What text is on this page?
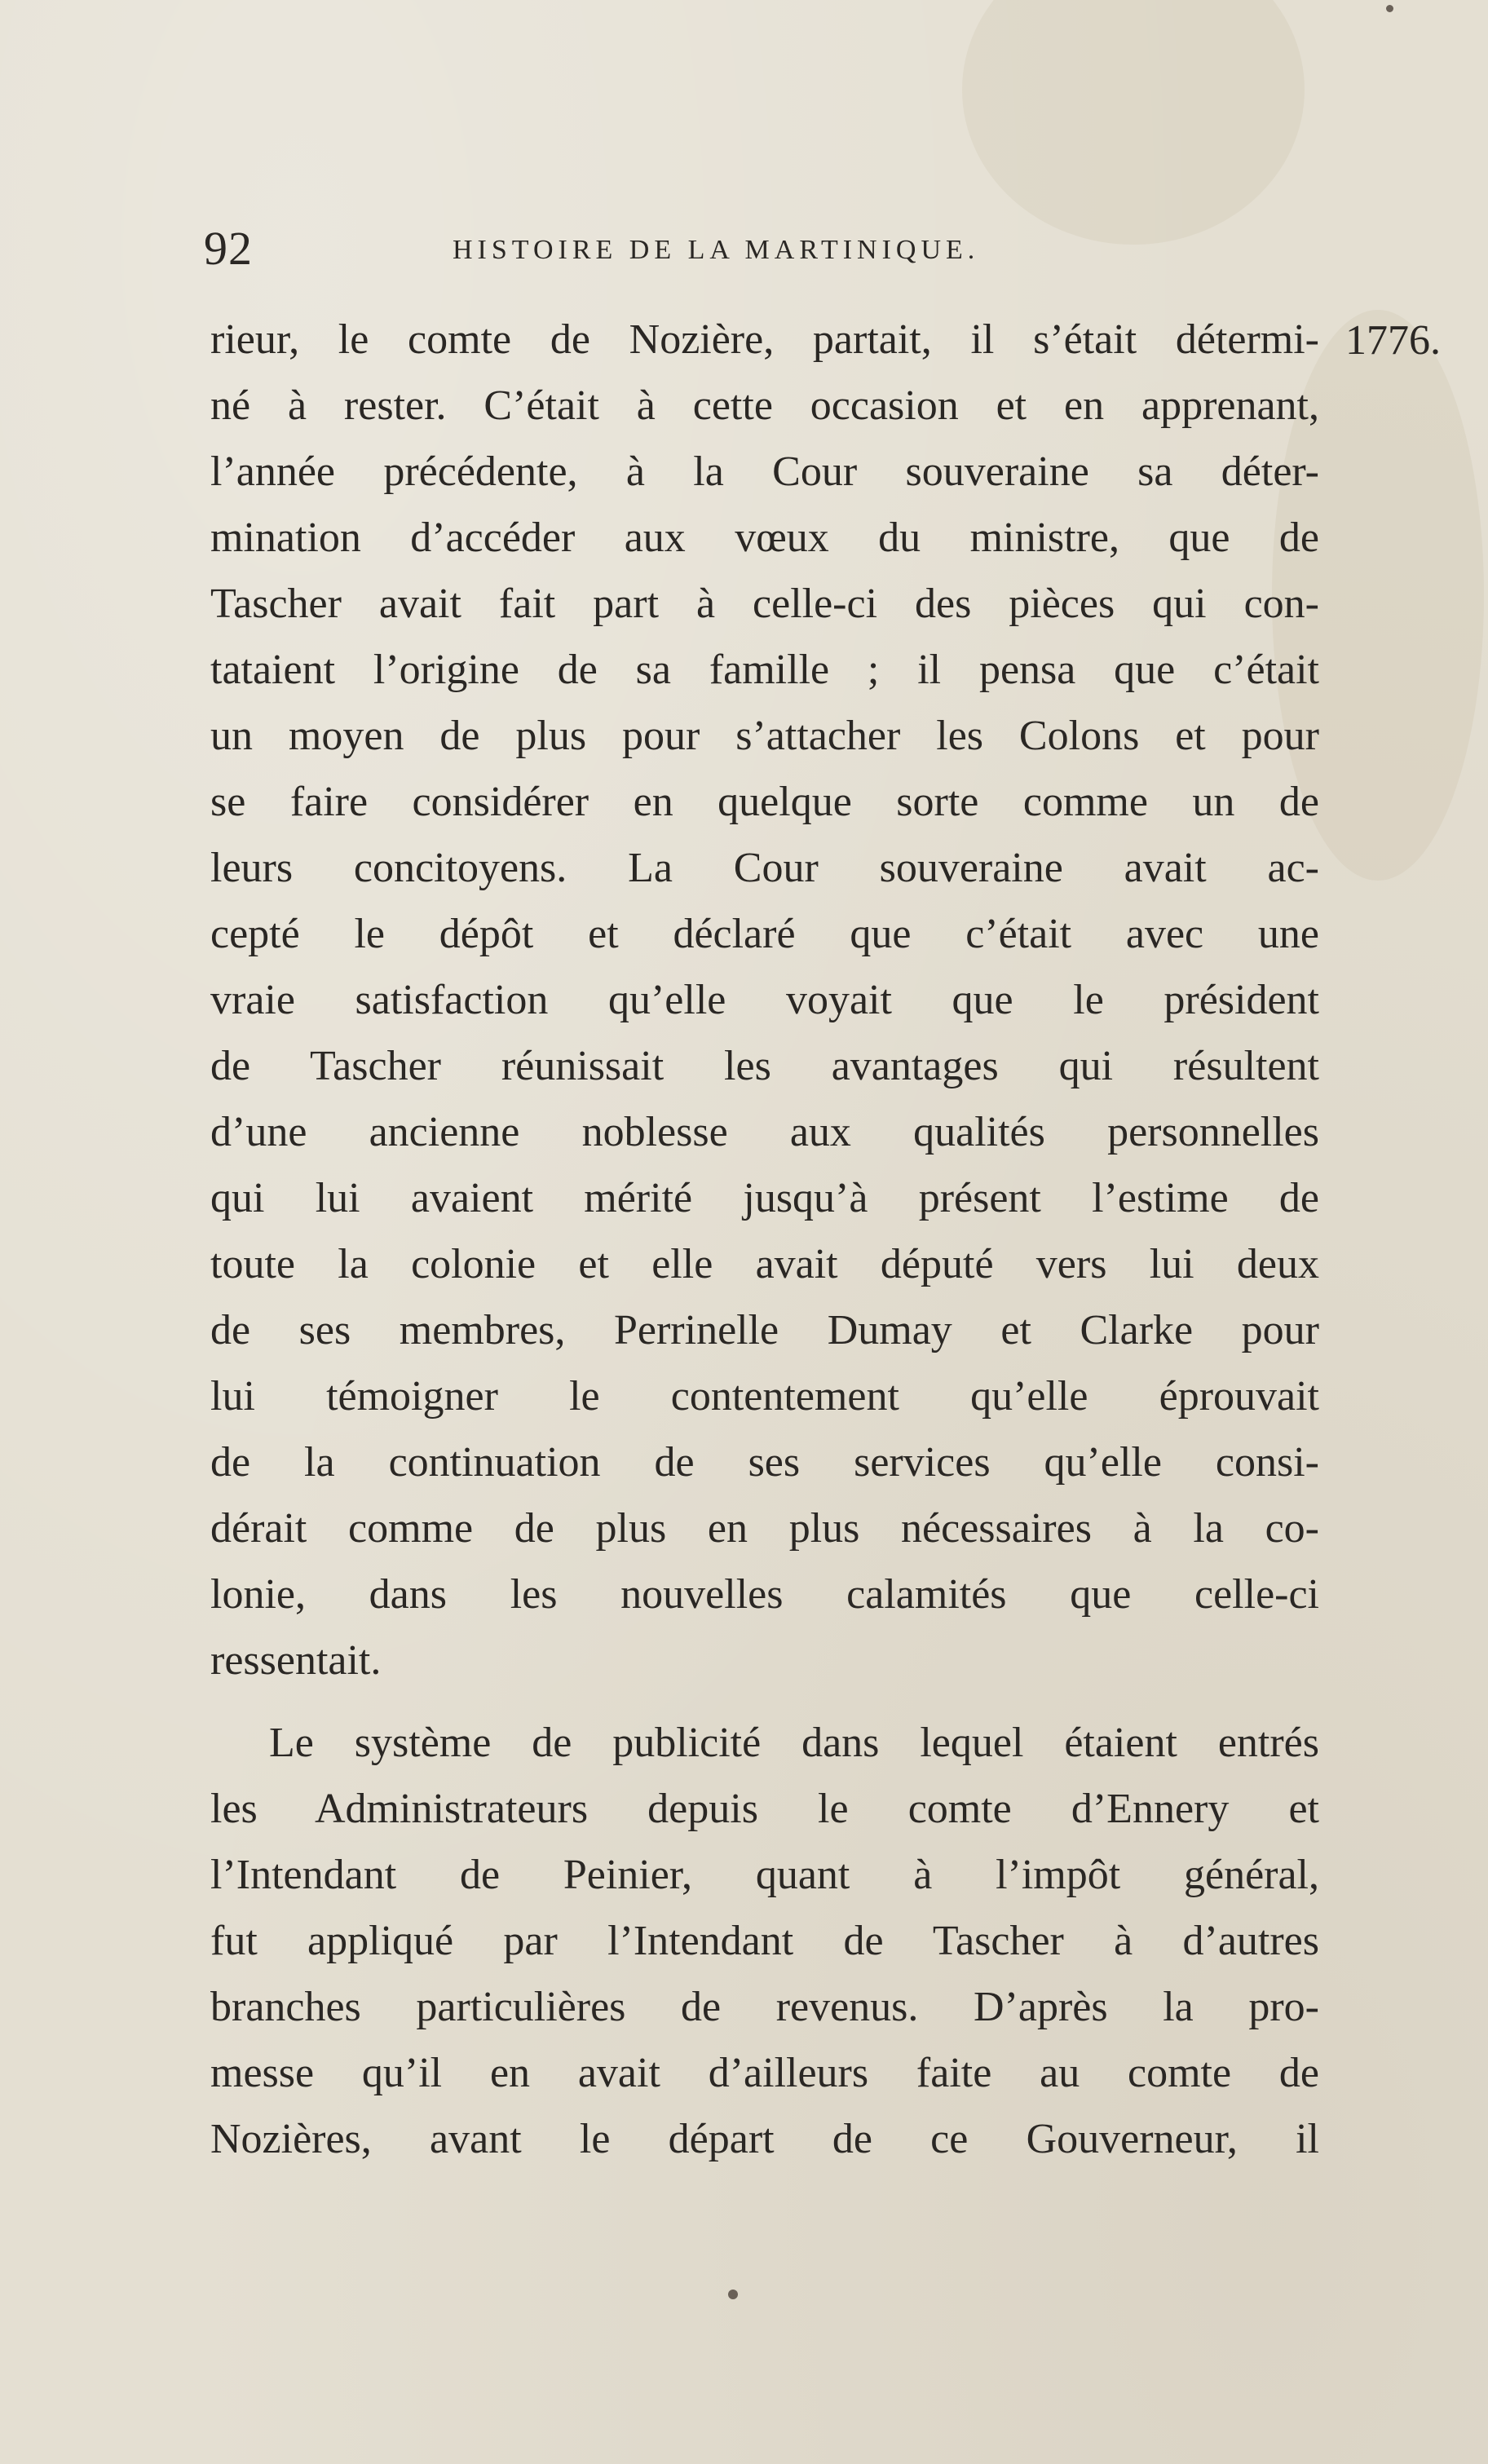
92	HISTOIRE DE LA MARTINIQUE.
1776.
rieur, le comte de Nozière, partait, il s’était détermi-
né à rester. C’était à cette occasion et en apprenant,
l’année précédente, à la Cour souveraine sa déter-
mination d’accéder aux vœux du ministre, que de
Tascher avait fait part à celle-ci des pièces qui con-
tataient l’origine de sa famille ; il pensa que c’était
un moyen de plus pour s’attacher les Colons et pour
se faire considérer en quelque sorte comme un de
leurs concitoyens. La Cour souveraine avait ac-
cepté le dépôt et déclaré que c’était avec une
vraie satisfaction qu’elle voyait que le président
de Tascher réunissait les avantages qui résultent
d’une ancienne noblesse aux qualités personnelles
qui lui avaient mérité jusqu’à présent l’estime de
toute la colonie et elle avait député vers lui deux
de ses membres, Perrinelle Dumay et Clarke pour
lui témoigner le contentement qu’elle éprouvait
de la continuation de ses services qu’elle consi-
dérait comme de plus en plus nécessaires à la co-
lonie, dans les nouvelles calamités que celle-ci
ressentait.
Le système de publicité dans lequel étaient entrés
les Administrateurs depuis le comte d’Ennery et
l’Intendant de Peinier, quant à l’impôt général,
fut appliqué par l’Intendant de Tascher à d’autres
branches particulières de revenus. D’après la pro-
messe qu’il en avait d’ailleurs faite au comte de
Nozières, avant le départ de ce Gouverneur, il
